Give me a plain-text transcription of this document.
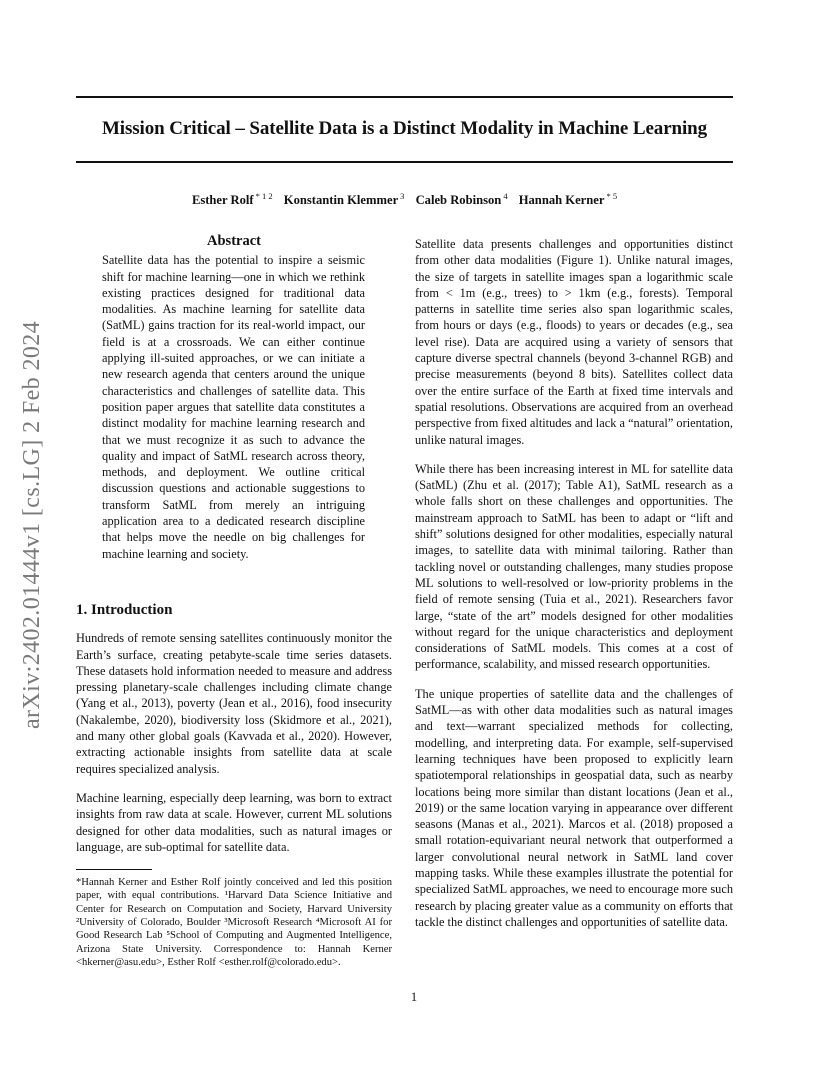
arXiv:2402.01444v1 [cs.LG] 2 Feb 2024
Mission Critical – Satellite Data is a Distinct Modality in Machine Learning
Esther Rolf $^{* 1 2}$ Konstantin Klemmer $^3$ Caleb Robinson $^4$ Hannah Kerner $^{* 5}$
Abstract
Satellite data has the potential to inspire a seismic shift for machine learning—one in which we rethink existing practices designed for traditional data modalities. As machine learning for satellite data (SatML) gains traction for its real-world impact, our field is at a crossroads. We can either continue applying ill-suited approaches, or we can initiate a new research agenda that centers around the unique characteristics and challenges of satellite data. This position paper argues that satellite data constitutes a distinct modality for machine learning research and that we must recognize it as such to advance the quality and impact of SatML research across theory, methods, and deployment. We outline critical discussion questions and actionable suggestions to transform SatML from merely an intriguing application area to a dedicated research discipline that helps move the needle on big challenges for machine learning and society.
1. Introduction

Hundreds of remote sensing satellites continuously monitor the Earth’s surface, creating petabyte-scale time series datasets. These datasets hold information needed to measure and address pressing planetary-scale challenges including climate change (Yang et al., 2013), poverty (Jean et al., 2016), food insecurity (Nakalembe, 2020), biodiversity loss (Skidmore et al., 2021), and many other global goals (Kavvada et al., 2020). However, extracting actionable insights from satellite data at scale requires specialized analysis.

Machine learning, especially deep learning, was born to extract insights from raw data at scale. However, current ML solutions designed for other data modalities, such as natural images or language, are sub-optimal for satellite data.

*Hannah Kerner and Esther Rolf jointly conceived and led this position paper, with equal contributions. ¹Harvard Data Science Initiative and Center for Research on Computation and Society, Harvard University ²University of Colorado, Boulder ³Microsoft Research ⁴Microsoft AI for Good Research Lab ⁵School of Computing and Augmented Intelligence, Arizona State University. Correspondence to: Hannah Kerner <hkerner@asu.edu>, Esther Rolf <esther.rolf@colorado.edu>.

Satellite data presents challenges and opportunities distinct from other data modalities (Figure 1). Unlike natural images, the size of targets in satellite images span a logarithmic scale from < 1m (e.g., trees) to > 1km (e.g., forests). Temporal patterns in satellite time series also span logarithmic scales, from hours or days (e.g., floods) to years or decades (e.g., sea level rise). Data are acquired using a variety of sensors that capture diverse spectral channels (beyond 3-channel RGB) and precise measurements (beyond 8 bits). Satellites collect data over the entire surface of the Earth at fixed time intervals and spatial resolutions. Observations are acquired from an overhead perspective from fixed altitudes and lack a “natural” orientation, unlike natural images.

While there has been increasing interest in ML for satellite data (SatML) (Zhu et al. (2017); Table A1), SatML research as a whole falls short on these challenges and opportunities. The mainstream approach to SatML has been to adapt or “lift and shift” solutions designed for other modalities, especially natural images, to satellite data with minimal tailoring. Rather than tackling novel or outstanding challenges, many studies propose ML solutions to well-resolved or low-priority problems in the field of remote sensing (Tuia et al., 2021). Researchers favor large, “state of the art” models designed for other modalities without regard for the unique characteristics and deployment considerations of SatML models. This comes at a cost of performance, scalability, and missed research opportunities.

The unique properties of satellite data and the challenges of SatML—as with other data modalities such as natural images and text—warrant specialized methods for collecting, modelling, and interpreting data. For example, self-supervised learning techniques have been proposed to explicitly learn spatiotemporal relationships in geospatial data, such as nearby locations being more similar than distant locations (Jean et al., 2019) or the same location varying in appearance over different seasons (Manas et al., 2021). Marcos et al. (2018) proposed a small rotation-equivariant neural network that outperformed a larger convolutional neural network in SatML land cover mapping tasks. While these examples illustrate the potential for specialized SatML approaches, we need to encourage more such research by placing greater value as a community on efforts that tackle the distinct challenges and opportunities of satellite data.

1
